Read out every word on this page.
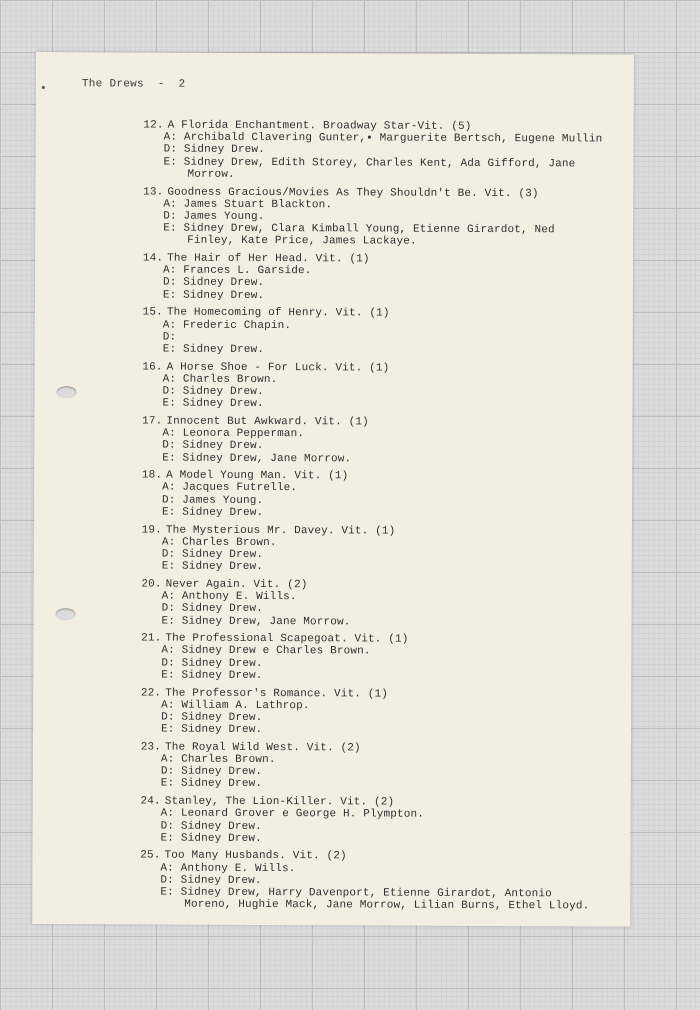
The Drews  -  2
12. A Florida Enchantment. Broadway Star-Vit. (5)
A: Archibald Clavering Gunter,▪ Marguerite Bertsch, Eugene Mullin
D: Sidney Drew.
E: Sidney Drew, Edith Storey, Charles Kent, Ada Gifford, Jane
Morrow.
13. Goodness Gracious/Movies As They Shouldn't Be. Vit. (3)
A: James Stuart Blackton.
D: James Young.
E: Sidney Drew, Clara Kimball Young, Etienne Girardot, Ned
Finley, Kate Price, James Lackaye.
14. The Hair of Her Head. Vit. (1)
A: Frances L. Garside.
D: Sidney Drew.
E: Sidney Drew.
15. The Homecoming of Henry. Vit. (1)
A: Frederic Chapin.
D:
E: Sidney Drew.
16. A Horse Shoe - For Luck. Vit. (1)
A: Charles Brown.
D: Sidney Drew.
E: Sidney Drew.
17. Innocent But Awkward. Vit. (1)
A: Leonora Pepperman.
D: Sidney Drew.
E: Sidney Drew, Jane Morrow.
18. A Model Young Man. Vit. (1)
A: Jacques Futrelle.
D: James Young.
E: Sidney Drew.
19. The Mysterious Mr. Davey. Vit. (1)
A: Charles Brown.
D: Sidney Drew.
E: Sidney Drew.
20. Never Again. Vit. (2)
A: Anthony E. Wills.
D: Sidney Drew.
E: Sidney Drew, Jane Morrow.
21. The Professional Scapegoat. Vit. (1)
A: Sidney Drew e Charles Brown.
D: Sidney Drew.
E: Sidney Drew.
22. The Professor's Romance. Vit. (1)
A: William A. Lathrop.
D: Sidney Drew.
E: Sidney Drew.
23. The Royal Wild West. Vit. (2)
A: Charles Brown.
D: Sidney Drew.
E: Sidney Drew.
24. Stanley, The Lion-Killer. Vit. (2)
A: Leonard Grover e George H. Plympton.
D: Sidney Drew.
E: Sidney Drew.
25. Too Many Husbands. Vit. (2)
A: Anthony E. Wills.
D: Sidney Drew.
E: Sidney Drew, Harry Davenport, Etienne Girardot, Antonio
Moreno, Hughie Mack, Jane Morrow, Lilian Burns, Ethel Lloyd.
